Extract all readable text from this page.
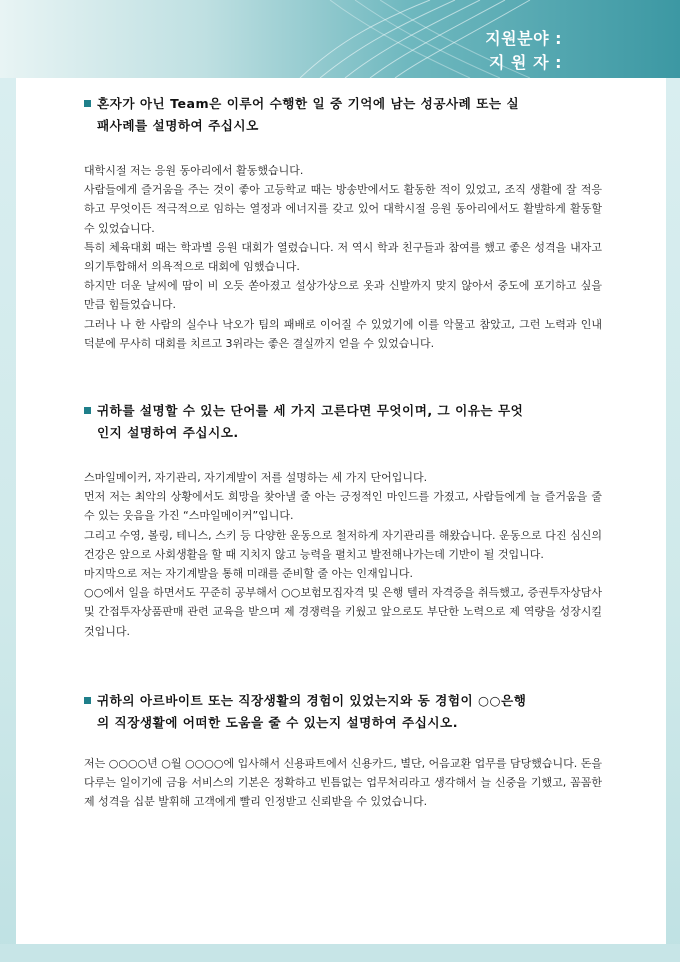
지원분야 :
지 원 자 :
혼자가 아닌 Team은 이루어 수행한 일 중 기억에 남는 성공사례 또는 실
패사례를 설명하여 주십시오

대학시절 저는 응원 동아리에서 활동했습니다.

사람들에게 즐거움을 주는 것이 좋아 고등학교 때는 방송반에서도 활동한 적이 있었고, 조직 생활에 잘 적응하고 무엇이든 적극적으로 임하는 열정과 에너지를 갖고 있어 대학시절 응원 동아리에서도 활발하게 활동할 수 있었습니다.

특히 체육대회 때는 학과별 응원 대회가 열렸습니다. 저 역시 학과 친구들과 참여를 했고 좋은 성격을 내자고 의기투합해서 의욕적으로 대회에 임했습니다.

하지만 더운 날씨에 땀이 비 오듯 쏟아졌고 설상가상으로 옷과 신발까지 맞지 않아서 중도에 포기하고 싶을 만큼 힘들었습니다.

그러나 나 한 사람의 실수나 낙오가 팀의 패배로 이어질 수 있었기에 이를 악물고 참았고, 그런 노력과 인내 덕분에 무사히 대회를 치르고 3위라는 좋은 결실까지 얻을 수 있었습니다.

귀하를 설명할 수 있는 단어를 세 가지 고른다면 무엇이며, 그 이유는 무엇
인지 설명하여 주십시오.

스마일메이커, 자기관리, 자기계발이 저를 설명하는 세 가지 단어입니다.

먼저 저는 최악의 상황에서도 희망을 찾아낼 줄 아는 긍정적인 마인드를 가졌고, 사람들에게 늘 즐거움을 줄 수 있는 웃음을 가진 “스마일메이커”입니다.

그리고 수영, 볼링, 테니스, 스키 등 다양한 운동으로 철저하게 자기관리를 해왔습니다. 운동으로 다진 심신의 건강은 앞으로 사회생활을 할 때 지치지 않고 능력을 펼치고 발전해나가는데 기반이 될 것입니다.

마지막으로 저는 자기계발을 통해 미래를 준비할 줄 아는 인재입니다.

○○에서 일을 하면서도 꾸준히 공부해서 ○○보험모집자격 및 은행 텔러 자격증을 취득했고, 증권투자상담사 및 간접투자상품판매 관련 교육을 받으며 제 경쟁력을 키웠고 앞으로도 부단한 노력으로 제 역량을 성장시킬 것입니다.

귀하의 아르바이트 또는 직장생활의 경험이 있었는지와 동 경험이 ○○은행
의 직장생활에 어떠한 도움을 줄 수 있는지 설명하여 주십시오.

저는 ○○○○년 ○월 ○○○○에 입사해서 신용파트에서 신용카드, 별단, 어음교환 업무를 담당했습니다. 돈을 다루는 일이기에 금융 서비스의 기본은 정확하고 빈틈없는 업무처리라고 생각해서 늘 신중을 기했고, 꼼꼼한 제 성격을 십분 발휘해 고객에게 빨리 인정받고 신뢰받을 수 있었습니다.
